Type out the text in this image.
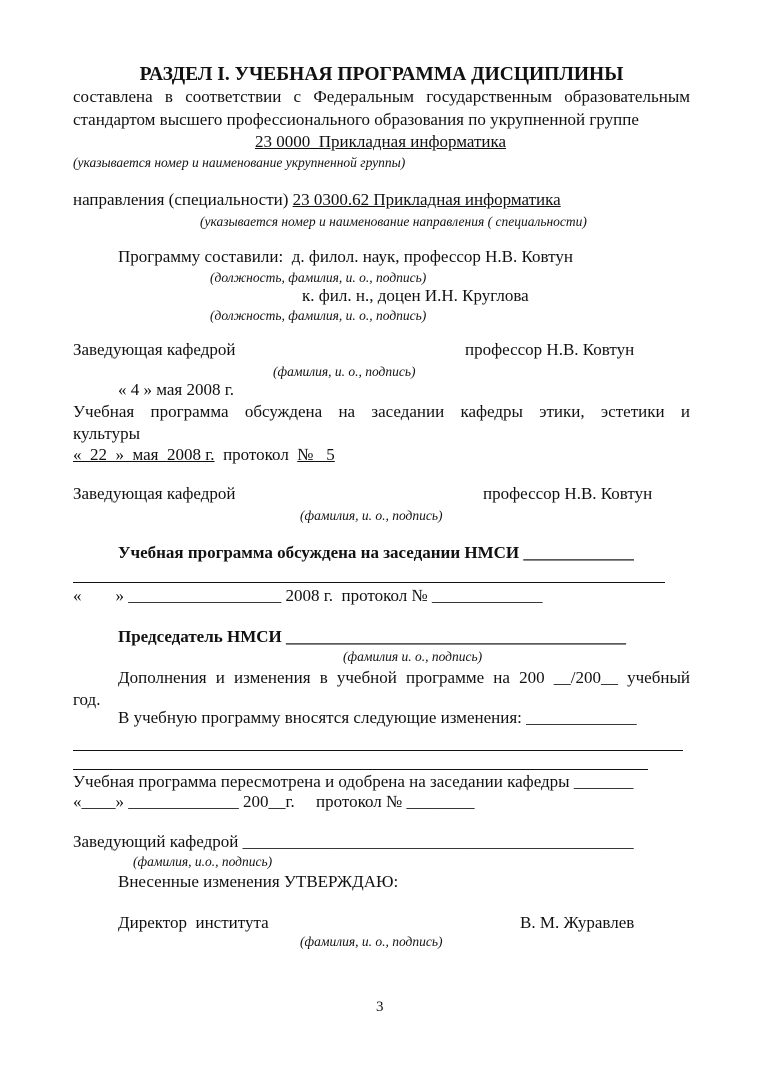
РАЗДЕЛ I. УЧЕБНАЯ ПРОГРАММА ДИСЦИПЛИНЫ
составлена в соответствии с Федеральным государственным образовательным
стандартом высшего профессионального образования по укрупненной группе
23 0000  Прикладная информатика
(указывается номер и наименование укрупненной группы)
направления (специальности) 23 0300.62 Прикладная информатика
(указывается номер и наименование направления ( специальности)
Программу составили:  д. филол. наук, профессор Н.В. Ковтун
(должность, фамилия, и. о., подпись)
к. фил. н., доцен И.Н. Круглова
(должность, фамилия, и. о., подпись)
Заведующая кафедрой	профессор Н.В. Ковтун
(фамилия, и. о., подпись)
« 4 » мая 2008 г.
Учебная программа обсуждена на заседании кафедры этики, эстетики и
культуры
«  22  »  мая  2008 г.  протокол  №   5
Заведующая кафедрой	профессор Н.В. Ковтун
(фамилия, и. о., подпись)
Учебная программа обсуждена на заседании НМСИ _____________
«        » __________________ 2008 г.  протокол № _____________
Председатель НМСИ ________________________________________
(фамилия и. о., подпись)
Дополнения и изменения в учебной программе на 200 __/200__ учебный
год.
В учебную программу вносятся следующие изменения: _____________
Учебная программа пересмотрена и одобрена на заседании кафедры _______
«____» _____________ 200__г.     протокол № ________
Заведующий кафедрой ______________________________________________
(фамилия, и.о., подпись)
Внесенные изменения УТВЕРЖДАЮ:
Директор  института	В. М. Журавлев
(фамилия, и. о., подпись)
3
